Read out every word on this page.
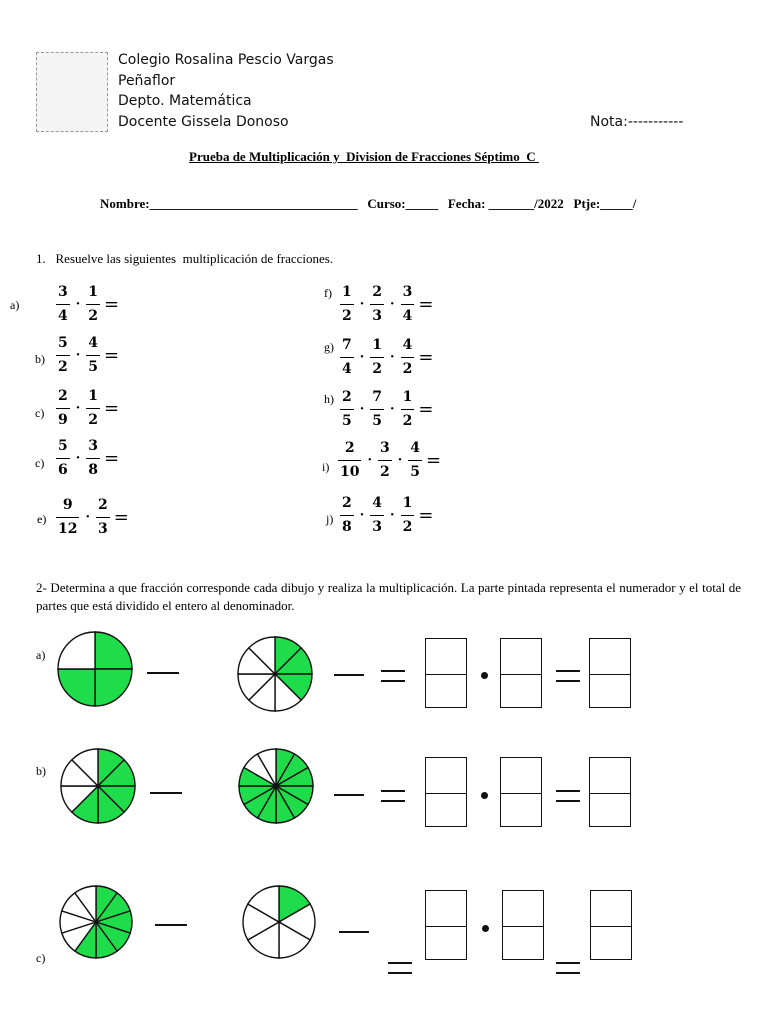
Colegio Rosalina Pescio Vargas
Peñaflor
Depto. Matemática
Docente Gissela Donoso	Nota:-----------
Prueba de Multiplicación y  Division de Fracciones Séptimo  C
Nombre:________________________________   Curso:_____   Fecha: _______/2022   Ptje:_____/
1.   Resuelve las siguientes  multiplicación de fracciones.
a)
3
4
·
1
2
=
b)
5
2
·
4
5
=
c)
2
9
·
1
2
=
c)
5
6
·
3
8
=
e)
9
12
·
2
3
=
f) 1
2
·
2
3
·
3
4
=
g) 7
4
·
1
2
·
4
2
=
h) 2
5
·
7
5
·
1
2
=
i)
2
10
·
3
2
·
4
5
=
j)
2
8
·
4
3
·
1
2
=
2- Determina a que fracción corresponde cada dibujo y realiza la multiplicación. La parte pintada representa el numerador y el total de partes que está dividido el entero al denominador.
a)
b)
c)
